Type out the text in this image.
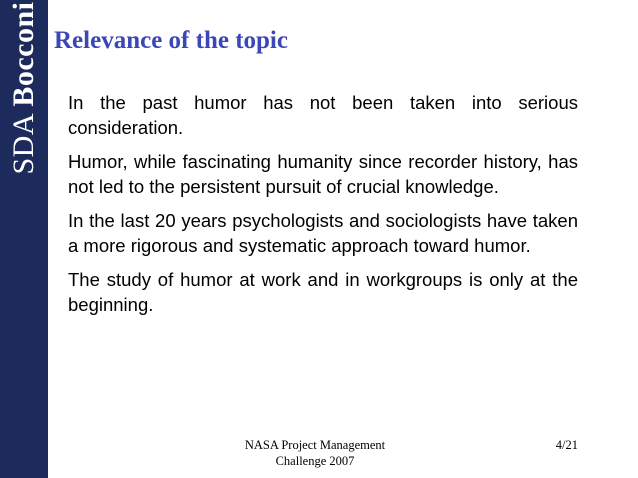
SDA Bocconi Relevance of the topic
In the past humor has not been taken into serious consideration.
Humor, while fascinating humanity since recorder history, has not led to the persistent pursuit of crucial knowledge.
In the last 20 years psychologists and sociologists have taken a more rigorous and systematic approach toward humor.
The study of humor at work and in workgroups is only at the beginning.
NASA Project Management
Challenge 2007
4/21
